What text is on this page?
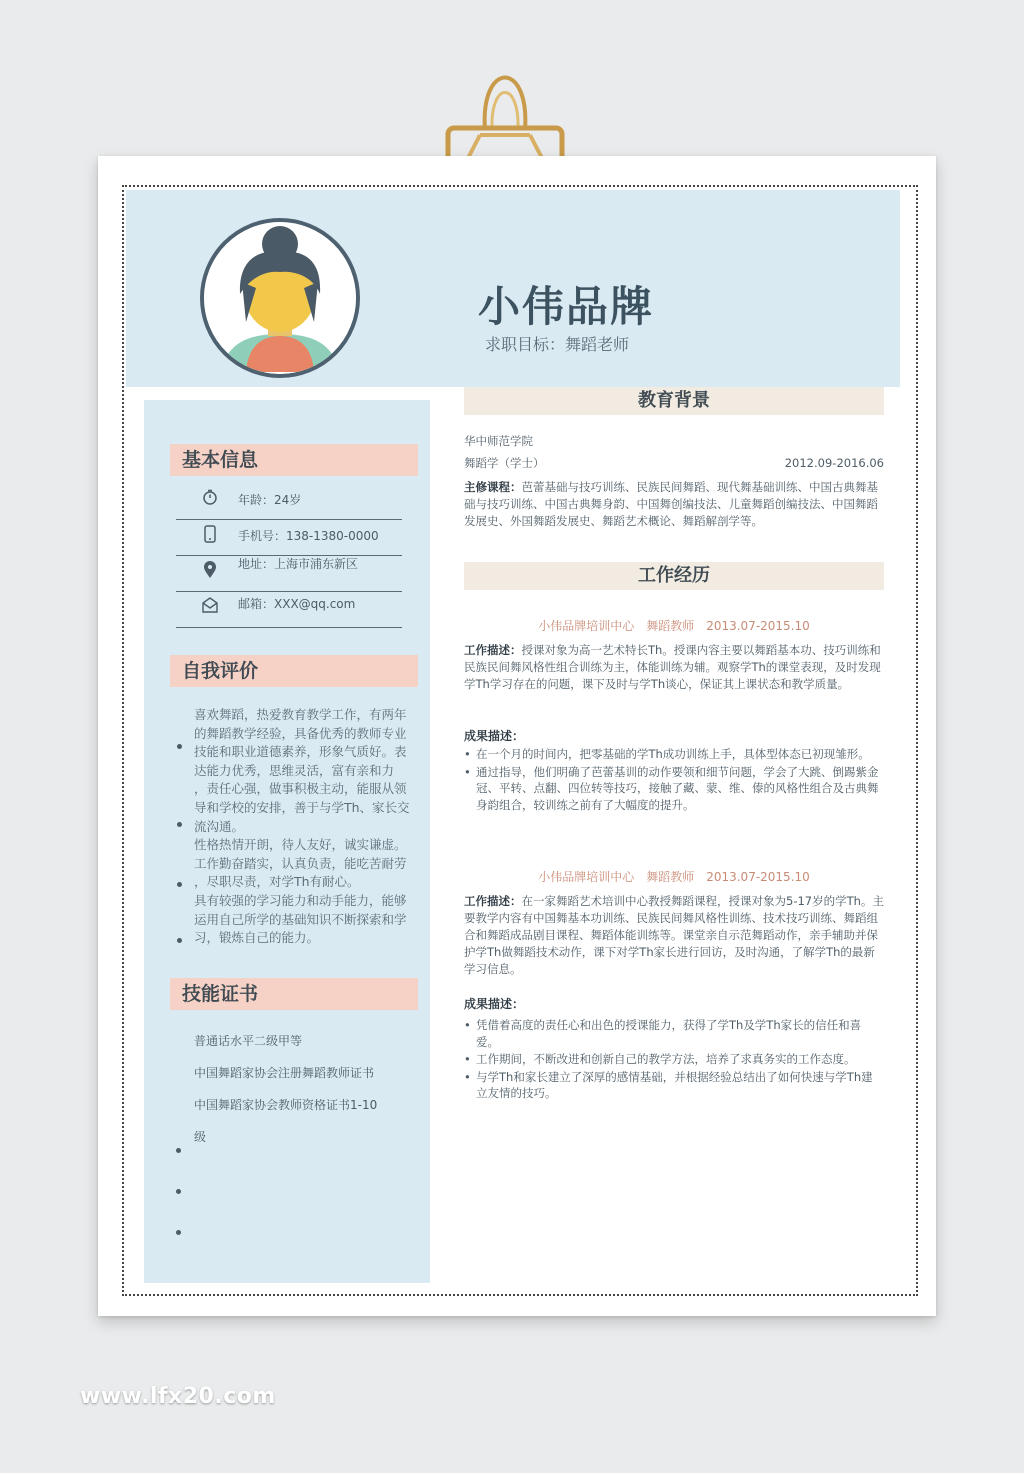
小伟品牌
求职目标：舞蹈老师
基本信息
年龄：24岁
手机号：138-1380-0000
地址：上海市浦东新区
邮箱：XXX@qq.com
自我评价

喜欢舞蹈，热爱教育教学工作，有两年

的舞蹈教学经验，具备优秀的教师专业

技能和职业道德素养，形象气质好。表

达能力优秀，思维灵活，富有亲和力

，责任心强，做事积极主动，能服从领

导和学校的安排，善于与学Th、家长交

流沟通。

性格热情开朗，待人友好，诚实谦虚。

工作勤奋踏实，认真负责，能吃苦耐劳

，尽职尽责，对学Th有耐心。

具有较强的学习能力和动手能力，能够

运用自己所学的基础知识不断探索和学

习，锻炼自己的能力。

技能证书
普通话水平二级甲等
中国舞蹈家协会注册舞蹈教师证书
中国舞蹈家协会教师资格证书1-10
级
教育背景
华中师范学院
舞蹈学（学士）	2012.09-2016.06
主修课程：芭蕾基础与技巧训练、民族民间舞蹈、现代舞基础训练、中国古典舞基础与技巧训练、中国古典舞身韵、中国舞创编技法、儿童舞蹈创编技法、中国舞蹈发展史、外国舞蹈发展史、舞蹈艺术概论、舞蹈解剖学等。
工作经历
小伟品牌培训中心　舞蹈教师　2013.07-2015.10
工作描述：授课对象为高一艺术特长Th。授课内容主要以舞蹈基本功、技巧训练和民族民间舞风格性组合训练为主，体能训练为辅。观察学Th的课堂表现，及时发现学Th学习存在的问题，课下及时与学Th谈心，保证其上课状态和教学质量。
成果描述：
• 在一个月的时间内，把零基础的学Th成功训练上手，具体型体态已初现雏形。
• 通过指导，他们明确了芭蕾基训的动作要领和细节问题，学会了大跳、倒踢紫金冠、平转、点翻、四位转等技巧，接触了藏、蒙、维、傣的风格性组合及古典舞身韵组合，较训练之前有了大幅度的提升。
小伟品牌培训中心　舞蹈教师　2013.07-2015.10
工作描述：在一家舞蹈艺术培训中心教授舞蹈课程，授课对象为5-17岁的学Th。主要教学内容有中国舞基本功训练、民族民间舞风格性训练、技术技巧训练、舞蹈组合和舞蹈成品剧目课程、舞蹈体能训练等。课堂亲自示范舞蹈动作，亲手辅助并保护学Th做舞蹈技术动作，课下对学Th家长进行回访，及时沟通，了解学Th的最新学习信息。
成果描述：
• 凭借着高度的责任心和出色的授课能力，获得了学Th及学Th家长的信任和喜爱。
• 工作期间，不断改进和创新自己的教学方法，培养了求真务实的工作态度。
• 与学Th和家长建立了深厚的感情基础，并根据经验总结出了如何快速与学Th建立友情的技巧。
www.lfx20.com
